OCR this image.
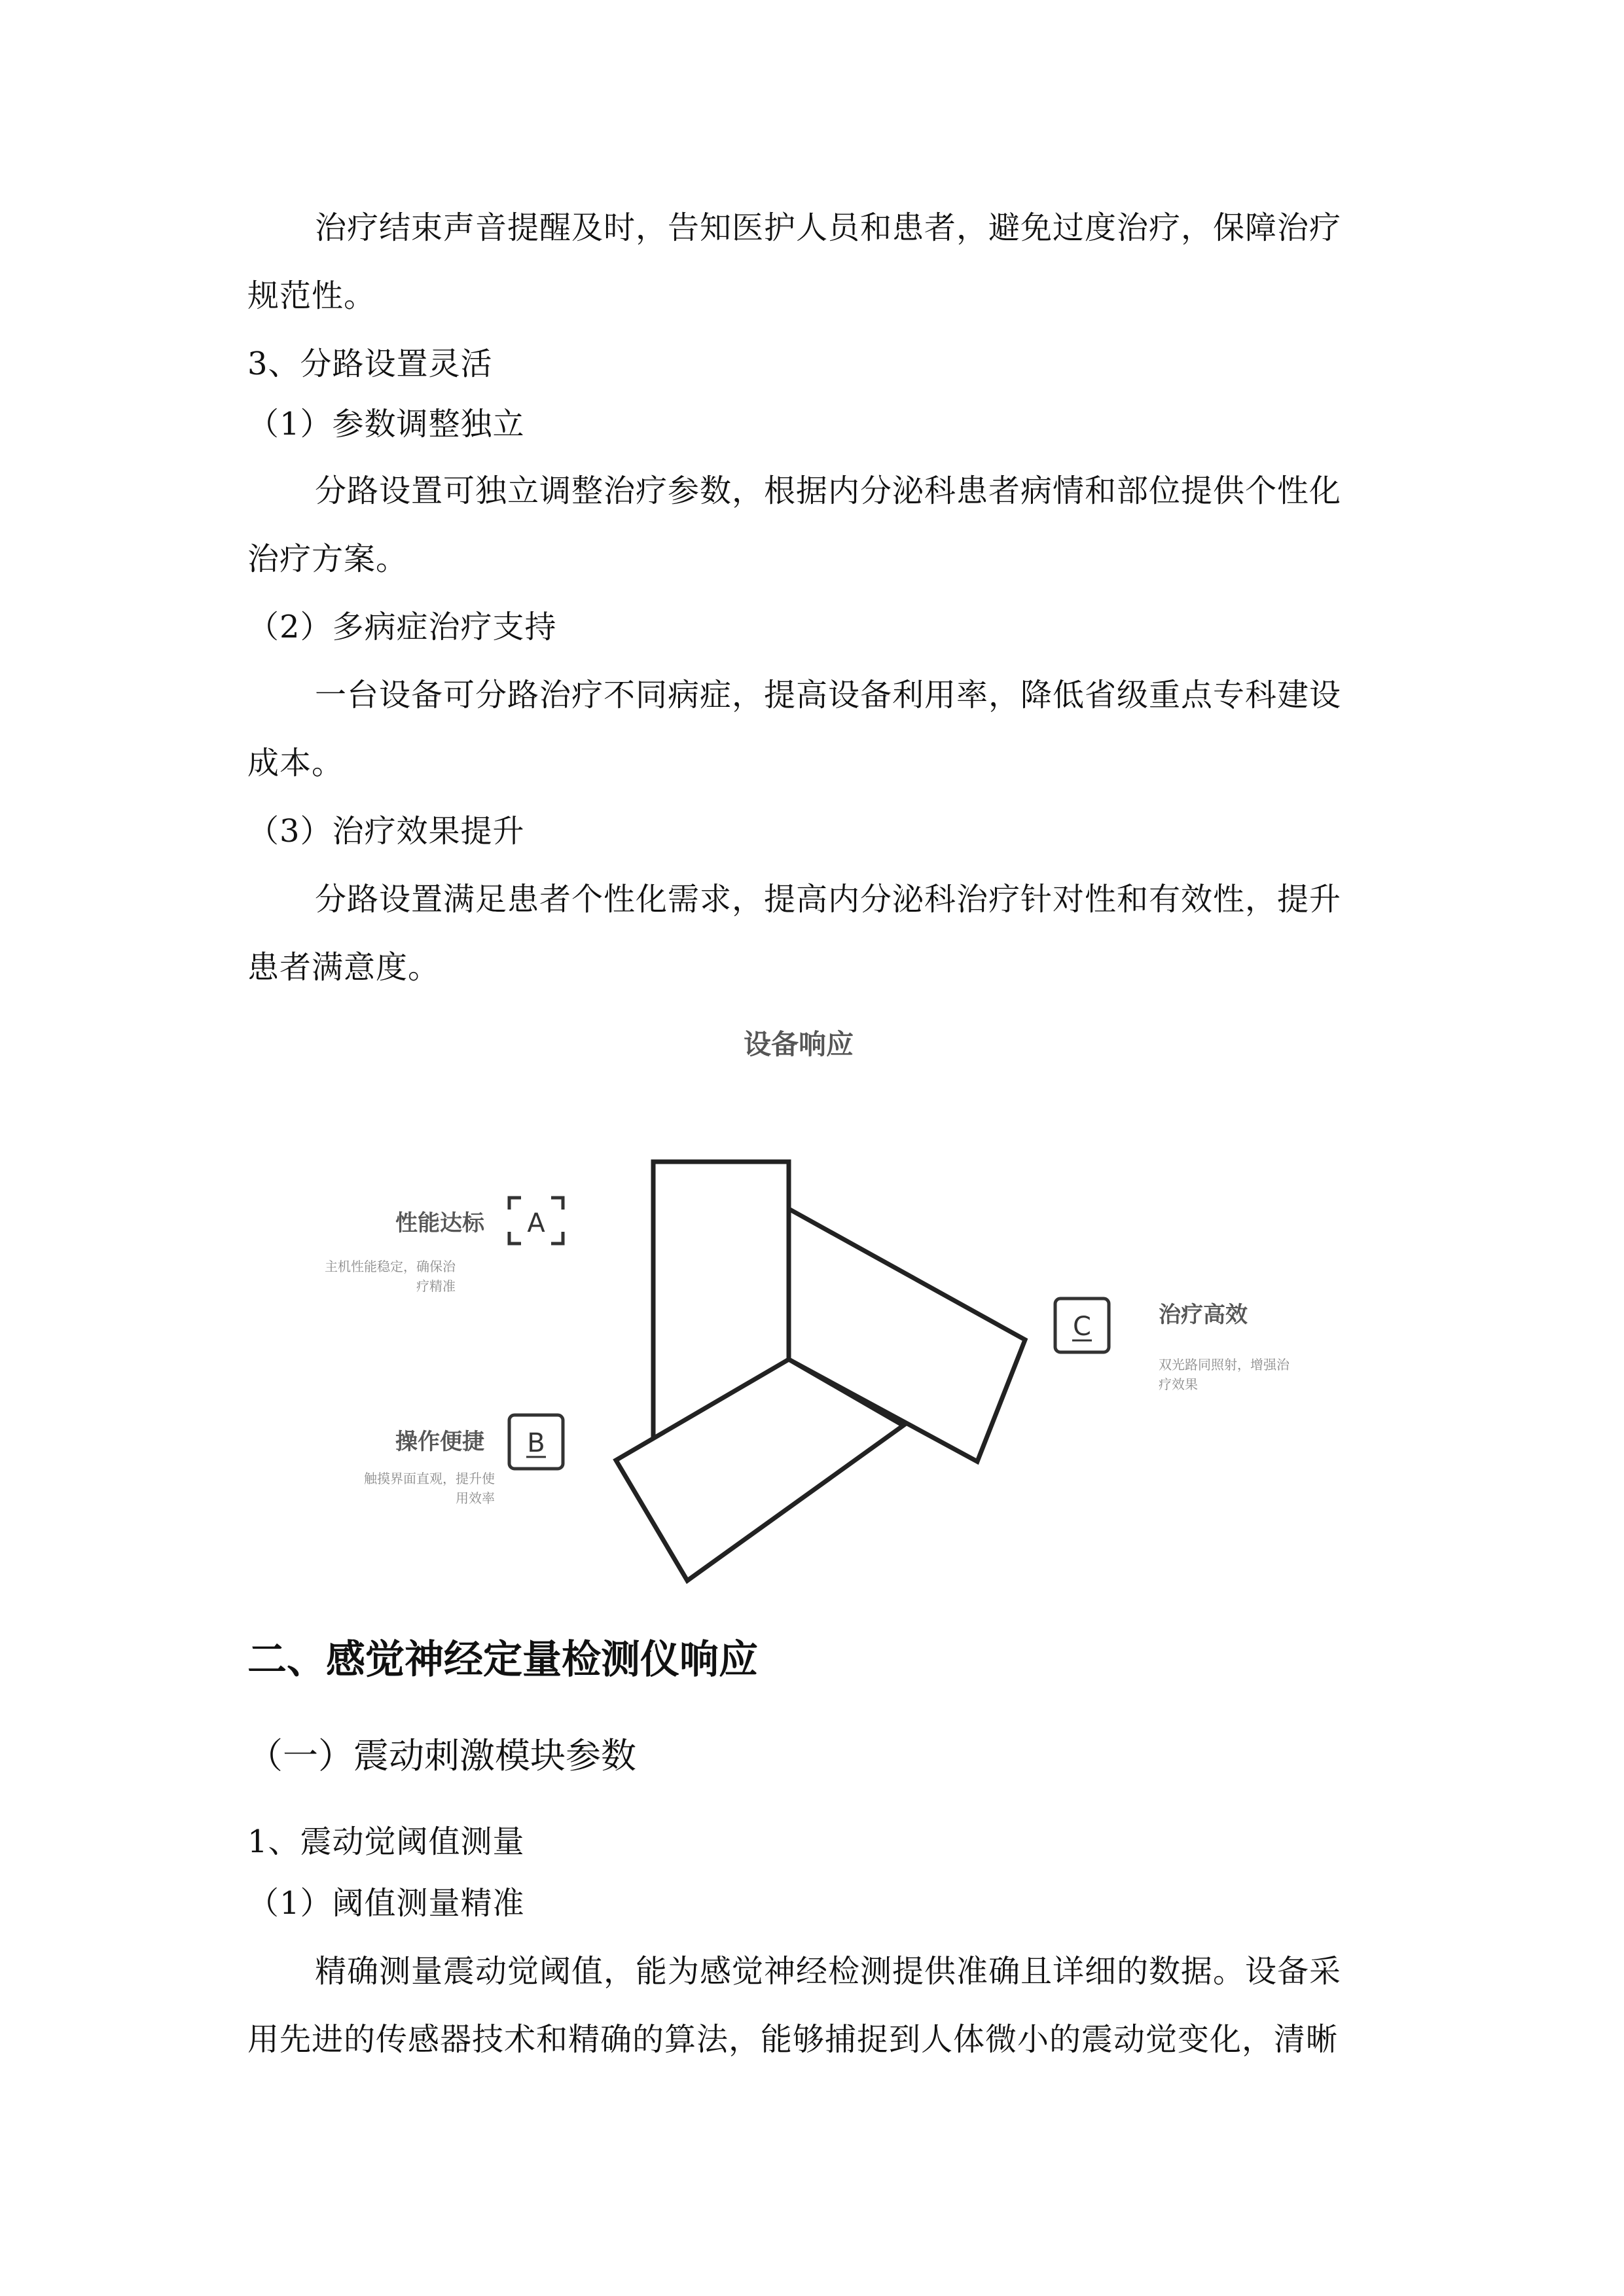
治疗结束声音提醒及时，告知医护人员和患者，避免过度治疗，保障治疗
规范性。
3、分路设置灵活
（1）参数调整独立
分路设置可独立调整治疗参数，根据内分泌科患者病情和部位提供个性化
治疗方案。
（2）多病症治疗支持
一台设备可分路治疗不同病症，提高设备利用率，降低省级重点专科建设
成本。
（3）治疗效果提升
分路设置满足患者个性化需求，提高内分泌科治疗针对性和有效性，提升
患者满意度。
设备响应
A
性能达标
主机性能稳定，确保治
疗精准
B
操作便捷
触摸界面直观，提升使
用效率
C	治疗高效
双光路同照射，增强治
疗效果
二、感觉神经定量检测仪响应
（一）震动刺激模块参数
1、震动觉阈值测量
（1）阈值测量精准
精确测量震动觉阈值，能为感觉神经检测提供准确且详细的数据。设备采
用先进的传感器技术和精确的算法，能够捕捉到人体微小的震动觉变化，清晰
